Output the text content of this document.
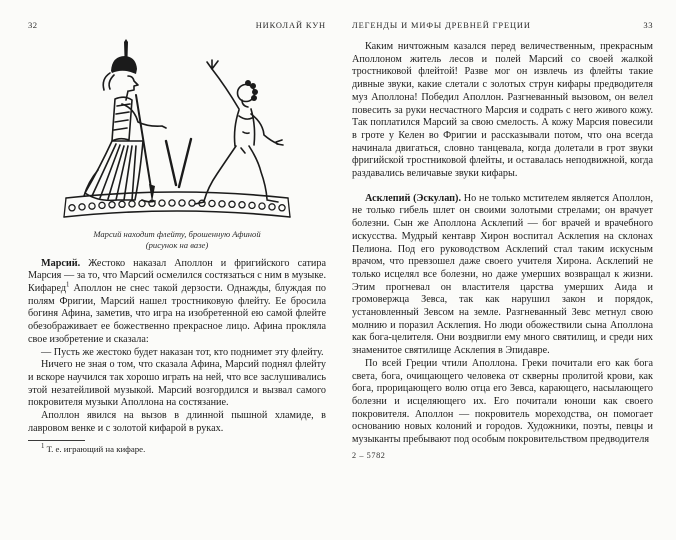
32	НИКОЛАЙ КУН
Марсий находит флейту, брошенную Афиной
(рисунок на вазе)

Марсий. Жестоко наказал Аполлон и фригийского сатира Марсия — за то, что Марсий осмелился состязаться с ним в музыке. Кифаред$^1$ Аполлон не снес такой дерзости. Однажды, блуждая по полям Фригии, Марсий нашел тростниковую флейту. Ее бросила богиня Афина, заметив, что игра на изобретенной ею самой флейте обезображивает ее божественно прекрасное лицо. Афина прокляла свое изобретение и сказала:

— Пусть же жестоко будет наказан тот, кто поднимет эту флейту.

Ничего не зная о том, что сказала Афина, Марсий поднял флейту и вскоре научился так хорошо играть на ней, что все заслушивались этой незатейливой музыкой. Марсий возгордился и вызвал самого покровителя музыки Аполлона на состязание.

Аполлон явился на вызов в длинной пышной хламиде, в лавровом венке и с золотой кифарой в руках.

$^1$ Т. е. играющий на кифаре.

ЛЕГЕНДЫ И МИФЫ ДРЕВНЕЙ ГРЕЦИИ	33

Каким ничтожным казался перед величественным, прекрасным Аполлоном житель лесов и полей Марсий со своей жалкой тростниковой флейтой! Разве мог он извлечь из флейты такие дивные звуки, какие слетали с золотых струн кифары предводителя муз Аполлона! Победил Аполлон. Разгневанный вызовом, он велел повесить за руки несчастного Марсия и содрать с него живого кожу. Так поплатился Марсий за свою смелость. А кожу Марсия повесили в гроте у Келен во Фригии и рассказывали потом, что она всегда начинала двигаться, словно танцевала, когда долетали в грот звуки фригийской тростниковой флейты, и оставалась неподвижной, когда раздавались величавые звуки кифары.

Асклепий (Эскулап). Но не только мстителем является Аполлон, не только гибель шлет он своими золотыми стрелами; он врачует болезни. Сын же Аполлона Асклепий — бог врачей и врачебного искусства. Мудрый кентавр Хирон воспитал Асклепия на склонах Пелиона. Под его руководством Асклепий стал таким искусным врачом, что превзошел даже своего учителя Хирона. Асклепий не только исцелял все болезни, но даже умерших возвращал к жизни. Этим прогневал он властителя царства умерших Аида и громовержца Зевса, так как нарушил закон и порядок, установленный Зевсом на земле. Разгневанный Зевс метнул свою молнию и поразил Асклепия. Но люди обожествили сына Аполлона как бога-целителя. Они воздвигли ему много святилищ, и среди них знаменитое святилище Асклепия в Эпидавре.

По всей Греции чтили Аполлона. Греки почитали его как бога света, бога, очищающего человека от скверны пролитой крови, как бога, прорицающего волю отца его Зевса, карающего, насылающего болезни и исцеляющего их. Его почитали юноши как своего покровителя. Аполлон — покровитель мореходства, он помогает основанию новых колоний и городов. Художники, поэты, певцы и музыканты пребывают под особым покровительством предводителя

2 – 5782
